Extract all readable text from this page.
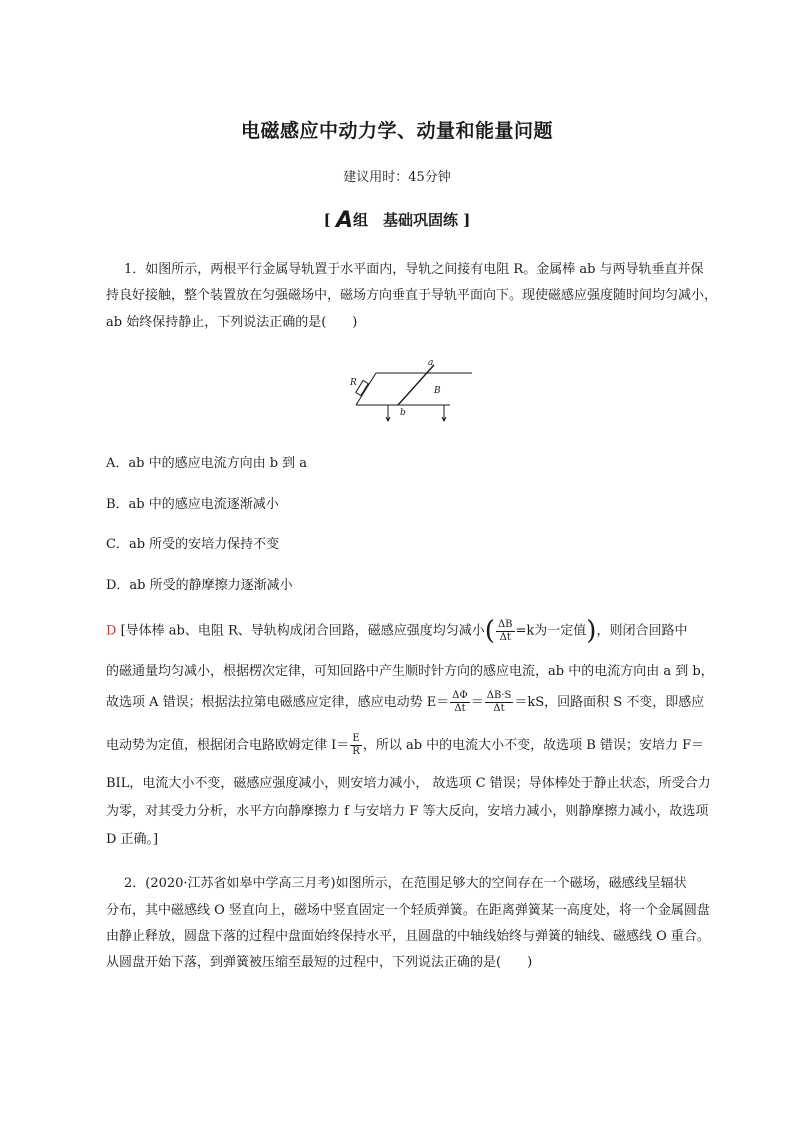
电磁感应中动力学、动量和能量问题
建议用时：45分钟
[ A组　基础巩固练 ]
1．如图所示，两根平行金属导轨置于水平面内，导轨之间接有电阻 R。金属棒 ab 与两导轨垂直并保
持良好接触，整个装置放在匀强磁场中，磁场方向垂直于导轨平面向下。现使磁感应强度随时间均匀减小，
ab 始终保持静止，下列说法正确的是(　　)
a
b
R
B
A．ab 中的感应电流方向由 b 到 a
B．ab 中的感应电流逐渐减小
C．ab 所受的安培力保持不变
D．ab 所受的静摩擦力逐渐减小
D [导体棒 ab、电阻 R、导轨构成闭合回路，磁感应强度均匀减小( $\frac{\Delta B}{\Delta t} =k$为一定值)，则闭合回路中
的磁通量均匀减小，根据楞次定律，可知回路中产生顺时针方向的感应电流，ab 中的电流方向由 a 到 b，
故选项 A 错误；根据法拉第电磁感应定律，感应电动势 $E= \frac{\Delta\Phi}{\Delta t} = \frac{\Delta B\cdot S}{\Delta t} =kS$，回路面积 S 不变，即感应
电动势为定值，根据闭合电路欧姆定律 $I= \frac{E}{R}$ ，所以 ab 中的电流大小不变，故选项 B 错误；安培力 F＝
BIL，电流大小不变，磁感应强度减小，则安培力减小， 故选项 C 错误；导体棒处于静止状态，所受合力
为零，对其受力分析，水平方向静摩擦力 f 与安培力 F 等大反向，安培力减小，则静摩擦力减小，故选项
D 正确。]
2．(2020·江苏省如皋中学高三月考)如图所示，在范围足够大的空间存在一个磁场，磁感线呈辐状
分布，其中磁感线 O 竖直向上，磁场中竖直固定一个轻质弹簧。在距离弹簧某一高度处，将一个金属圆盘
由静止释放，圆盘下落的过程中盘面始终保持水平，且圆盘的中轴线始终与弹簧的轴线、磁感线 O 重合。
从圆盘开始下落，到弹簧被压缩至最短的过程中，下列说法正确的是(　　)
